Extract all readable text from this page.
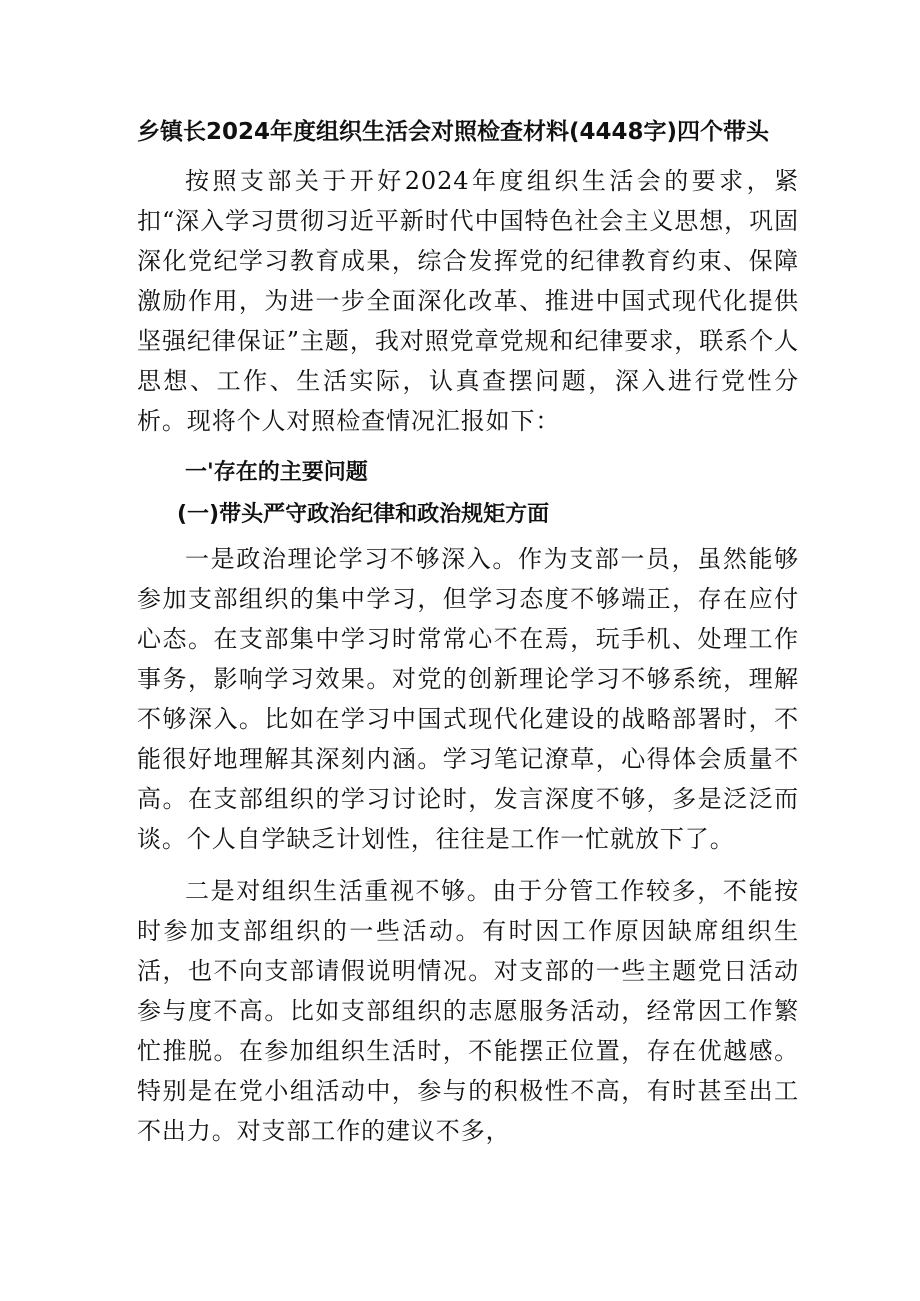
乡镇长2024年度组织生活会对照检查材料(4448字)四个带头

按照支部关于开好2024年度组织生活会的要求，紧扣“深入学习贯彻习近平新时代中国特色社会主义思想，巩固深化党纪学习教育成果，综合发挥党的纪律教育约束、保障激励作用，为进一步全面深化改革、推进中国式现代化提供坚强纪律保证”主题，我对照党章党规和纪律要求，联系个人思想、工作、生活实际，认真查摆问题，深入进行党性分析。现将个人对照检查情况汇报如下：

一'存在的主要问题
(一)带头严守政治纪律和政治规矩方面

一是政治理论学习不够深入。作为支部一员，虽然能够参加支部组织的集中学习，但学习态度不够端正，存在应付心态。在支部集中学习时常常心不在焉，玩手机、处理工作事务，影响学习效果。对党的创新理论学习不够系统，理解不够深入。比如在学习中国式现代化建设的战略部署时，不能很好地理解其深刻内涵。学习笔记潦草，心得体会质量不高。在支部组织的学习讨论时，发言深度不够，多是泛泛而谈。个人自学缺乏计划性，往往是工作一忙就放下了。

二是对组织生活重视不够。由于分管工作较多，不能按时参加支部组织的一些活动。有时因工作原因缺席组织生活，也不向支部请假说明情况。对支部的一些主题党日活动参与度不高。比如支部组织的志愿服务活动，经常因工作繁忙推脱。在参加组织生活时，不能摆正位置，存在优越感。特别是在党小组活动中，参与的积极性不高，有时甚至出工不出力。对支部工作的建议不多，
